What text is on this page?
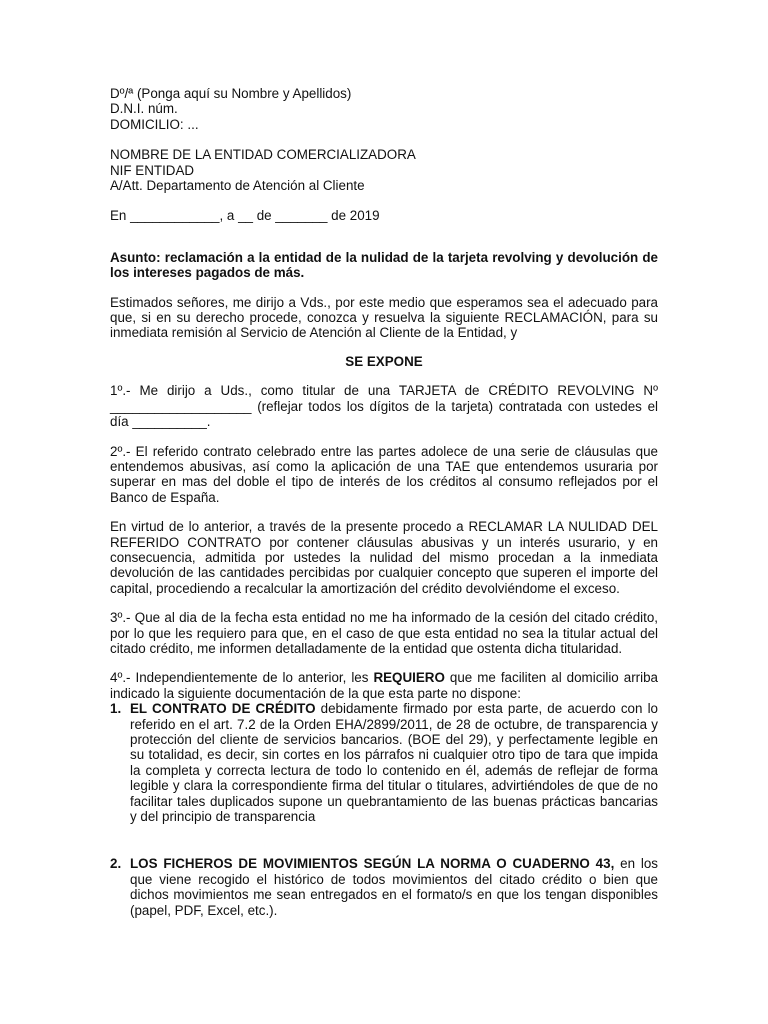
Dº/ª (Ponga aquí su Nombre y Apellidos)
D.N.I. núm.
DOMICILIO: ...
NOMBRE DE LA ENTIDAD COMERCIALIZADORA
NIF ENTIDAD
A/Att. Departamento de Atención al Cliente
En ____________, a __ de _______ de 2019
Asunto: reclamación a la entidad de la nulidad de la tarjeta revolving y devolución de los intereses pagados de más.
Estimados señores, me dirijo a Vds., por este medio que esperamos sea el adecuado para que, si en su derecho procede, conozca y resuelva la siguiente RECLAMACIÓN, para su inmediata remisión al Servicio de Atención al Cliente de la Entidad, y
SE EXPONE
1º.- Me dirijo a Uds., como titular de una TARJETA de CRÉDITO REVOLVING Nº ___________________ (reflejar todos los dígitos de la tarjeta) contratada con ustedes el día __________.
2º.- El referido contrato celebrado entre las partes adolece de una serie de cláusulas que entendemos abusivas, así como la aplicación de una TAE que entendemos usuraria por superar en mas del doble el tipo de interés de los créditos al consumo reflejados por el Banco de España.
En virtud de lo anterior, a través de la presente procedo a RECLAMAR LA NULIDAD DEL REFERIDO CONTRATO por contener cláusulas abusivas y un interés usurario, y en consecuencia, admitida por ustedes la nulidad del mismo procedan a la inmediata devolución de las cantidades percibidas por cualquier concepto que superen el importe del capital, procediendo a recalcular la amortización del crédito devolviéndome el exceso.
3º.- Que al dia de la fecha esta entidad no me ha informado de la cesión del citado crédito, por lo que les requiero para que, en el caso de que esta entidad no sea la titular actual del citado crédito, me informen detalladamente de la entidad que ostenta dicha titularidad.
4º.- Independientemente de lo anterior, les REQUIERO que me faciliten al domicilio arriba indicado la siguiente documentación de la que esta parte no dispone:
1. EL CONTRATO DE CRÉDITO debidamente firmado por esta parte, de acuerdo con lo referido en el art. 7.2 de la Orden EHA/2899/2011, de 28 de octubre, de transparencia y protección del cliente de servicios bancarios. (BOE del 29), y perfectamente legible en su totalidad, es decir, sin cortes en los párrafos ni cualquier otro tipo de tara que impida la completa y correcta lectura de todo lo contenido en él, además de reflejar de forma legible y clara la correspondiente firma del titular o titulares, advirtiéndoles de que de no facilitar tales duplicados supone un quebrantamiento de las buenas prácticas bancarias y del principio de transparencia
2. LOS FICHEROS DE MOVIMIENTOS SEGÚN LA NORMA O CUADERNO 43, en los que viene recogido el histórico de todos movimientos del citado crédito o bien que dichos movimientos me sean entregados en el formato/s en que los tengan disponibles (papel, PDF, Excel, etc.).
